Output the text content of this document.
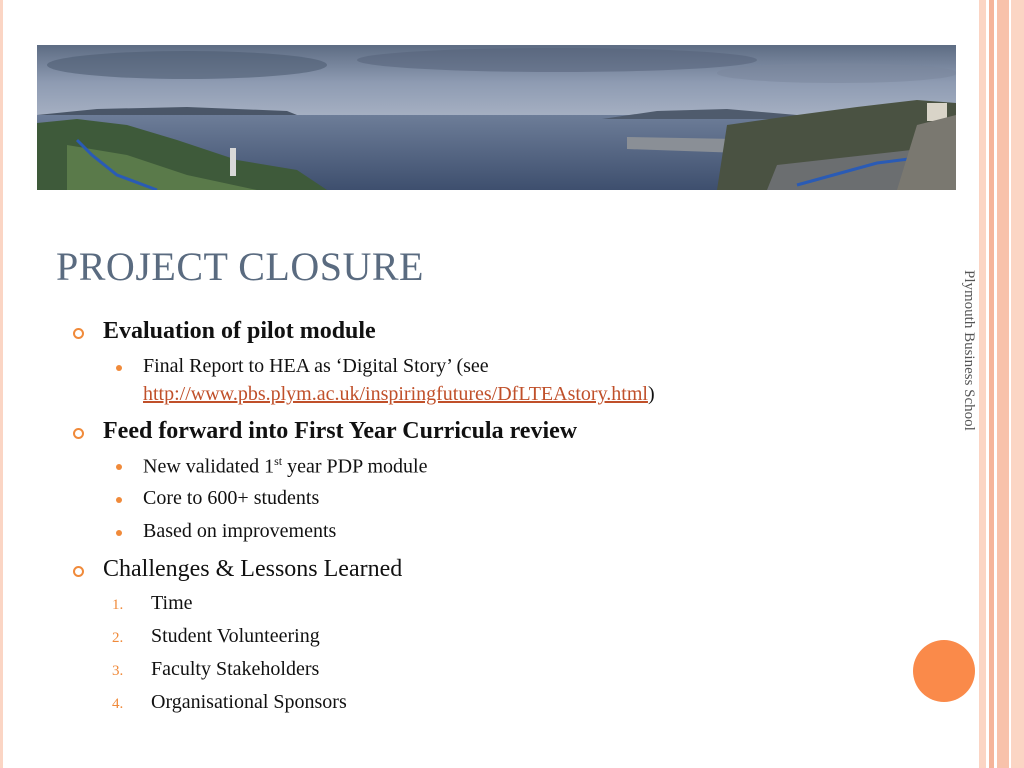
PROJECT CLOSURE
Plymouth Business School
Evaluation of pilot module
Final Report to HEA as ‘Digital Story’ (see
http://www.pbs.plym.ac.uk/inspiringfutures/DfLTEAstory.html)
Feed forward into First Year Curricula review
New validated 1st year PDP module
Core to 600+ students
Based on improvements
Challenges & Lessons Learned
1. Time
2. Student Volunteering
3. Faculty Stakeholders
4. Organisational Sponsors
